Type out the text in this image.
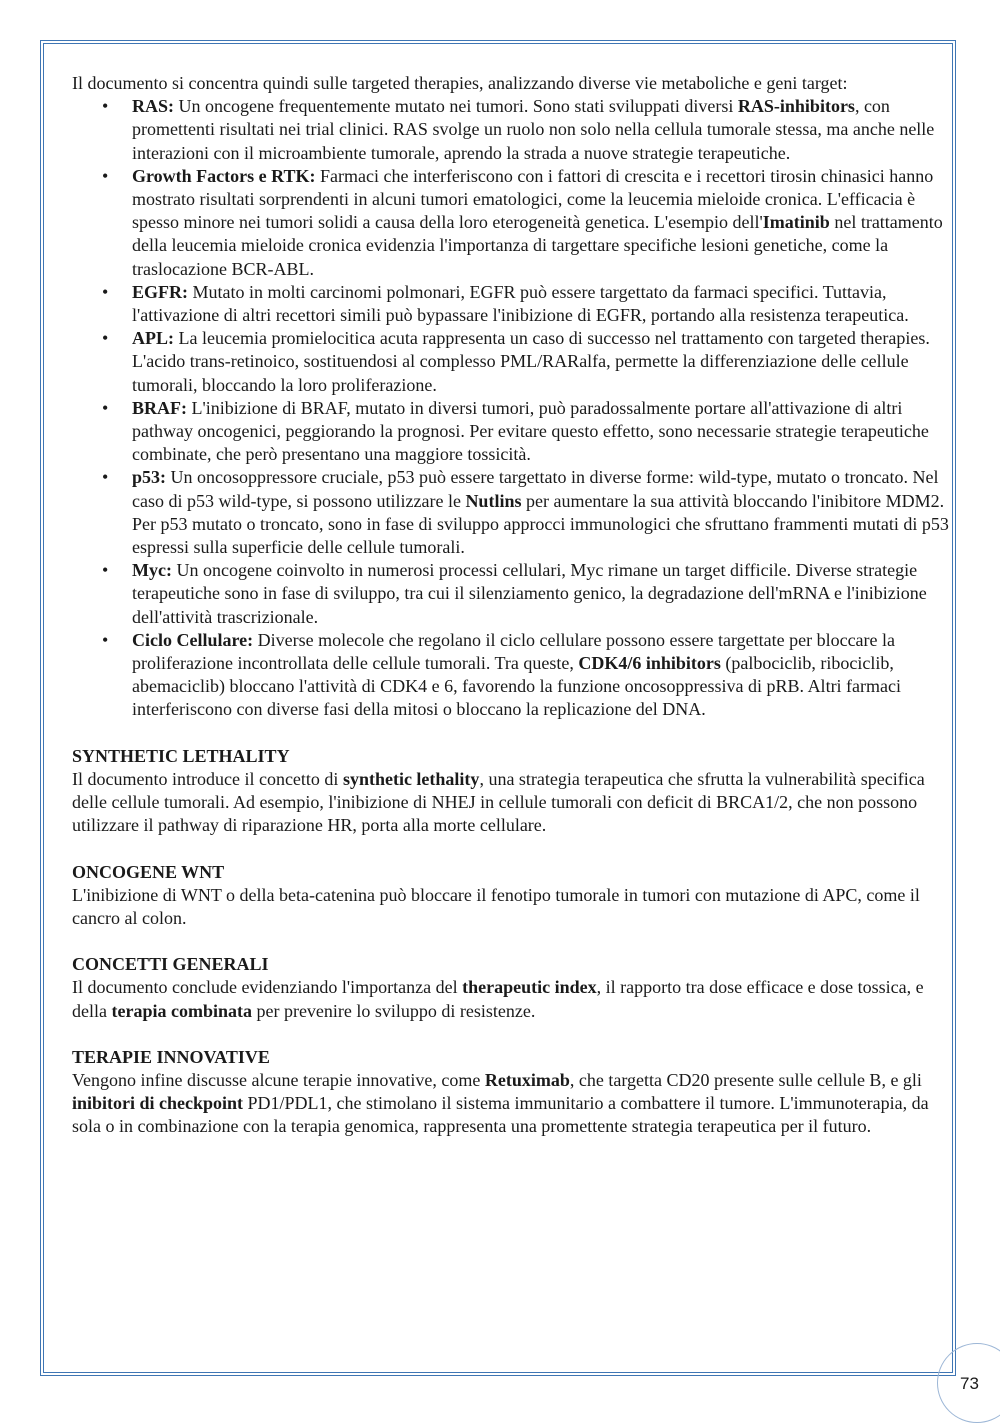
Il documento si concentra quindi sulle targeted therapies, analizzando diverse vie metaboliche e geni target:

• RAS: Un oncogene frequentemente mutato nei tumori. Sono stati sviluppati diversi RAS-inhibitors, con promettenti risultati nei trial clinici. RAS svolge un ruolo non solo nella cellula tumorale stessa, ma anche nelle interazioni con il microambiente tumorale, aprendo la strada a nuove strategie terapeutiche.
• Growth Factors e RTK: Farmaci che interferiscono con i fattori di crescita e i recettori tirosin chinasici hanno mostrato risultati sorprendenti in alcuni tumori ematologici, come la leucemia mieloide cronica. L'efficacia è spesso minore nei tumori solidi a causa della loro eterogeneità genetica. L'esempio dell'Imatinib nel trattamento della leucemia mieloide cronica evidenzia l'importanza di targettare specifiche lesioni genetiche, come la traslocazione BCR-ABL.
• EGFR: Mutato in molti carcinomi polmonari, EGFR può essere targettato da farmaci specifici. Tuttavia, l'attivazione di altri recettori simili può bypassare l'inibizione di EGFR, portando alla resistenza terapeutica.
• APL: La leucemia promielocitica acuta rappresenta un caso di successo nel trattamento con targeted therapies. L'acido trans-retinoico, sostituendosi al complesso PML/RARalfa, permette la differenziazione delle cellule tumorali, bloccando la loro proliferazione.
• BRAF: L'inibizione di BRAF, mutato in diversi tumori, può paradossalmente portare all'attivazione di altri pathway oncogenici, peggiorando la prognosi. Per evitare questo effetto, sono necessarie strategie terapeutiche combinate, che però presentano una maggiore tossicità.
• p53: Un oncosoppressore cruciale, p53 può essere targettato in diverse forme: wild-type, mutato o troncato. Nel caso di p53 wild-type, si possono utilizzare le Nutlins per aumentare la sua attività bloccando l'inibitore MDM2. Per p53 mutato o troncato, sono in fase di sviluppo approcci immunologici che sfruttano frammenti mutati di p53 espressi sulla superficie delle cellule tumorali.
• Myc: Un oncogene coinvolto in numerosi processi cellulari, Myc rimane un target difficile. Diverse strategie terapeutiche sono in fase di sviluppo, tra cui il silenziamento genico, la degradazione dell'mRNA e l'inibizione dell'attività trascrizionale.
• Ciclo Cellulare: Diverse molecole che regolano il ciclo cellulare possono essere targettate per bloccare la proliferazione incontrollata delle cellule tumorali. Tra queste, CDK4/6 inhibitors (palbociclib, ribociclib, abemaciclib) bloccano l'attività di CDK4 e 6, favorendo la funzione oncosoppressiva di pRB. Altri farmaci interferiscono con diverse fasi della mitosi o bloccano la replicazione del DNA.
SYNTHETIC LETHALITY

Il documento introduce il concetto di synthetic lethality, una strategia terapeutica che sfrutta la vulnerabilità specifica delle cellule tumorali. Ad esempio, l'inibizione di NHEJ in cellule tumorali con deficit di BRCA1/2, che non possono utilizzare il pathway di riparazione HR, porta alla morte cellulare.

ONCOGENE WNT

L'inibizione di WNT o della beta-catenina può bloccare il fenotipo tumorale in tumori con mutazione di APC, come il cancro al colon.

CONCETTI GENERALI

Il documento conclude evidenziando l'importanza del therapeutic index, il rapporto tra dose efficace e dose tossica, e della terapia combinata per prevenire lo sviluppo di resistenze.

TERAPIE INNOVATIVE

Vengono infine discusse alcune terapie innovative, come Retuximab, che targetta CD20 presente sulle cellule B, e gli inibitori di checkpoint PD1/PDL1, che stimolano il sistema immunitario a combattere il tumore. L'immunoterapia, da sola o in combinazione con la terapia genomica, rappresenta una promettente strategia terapeutica per il futuro.

73
